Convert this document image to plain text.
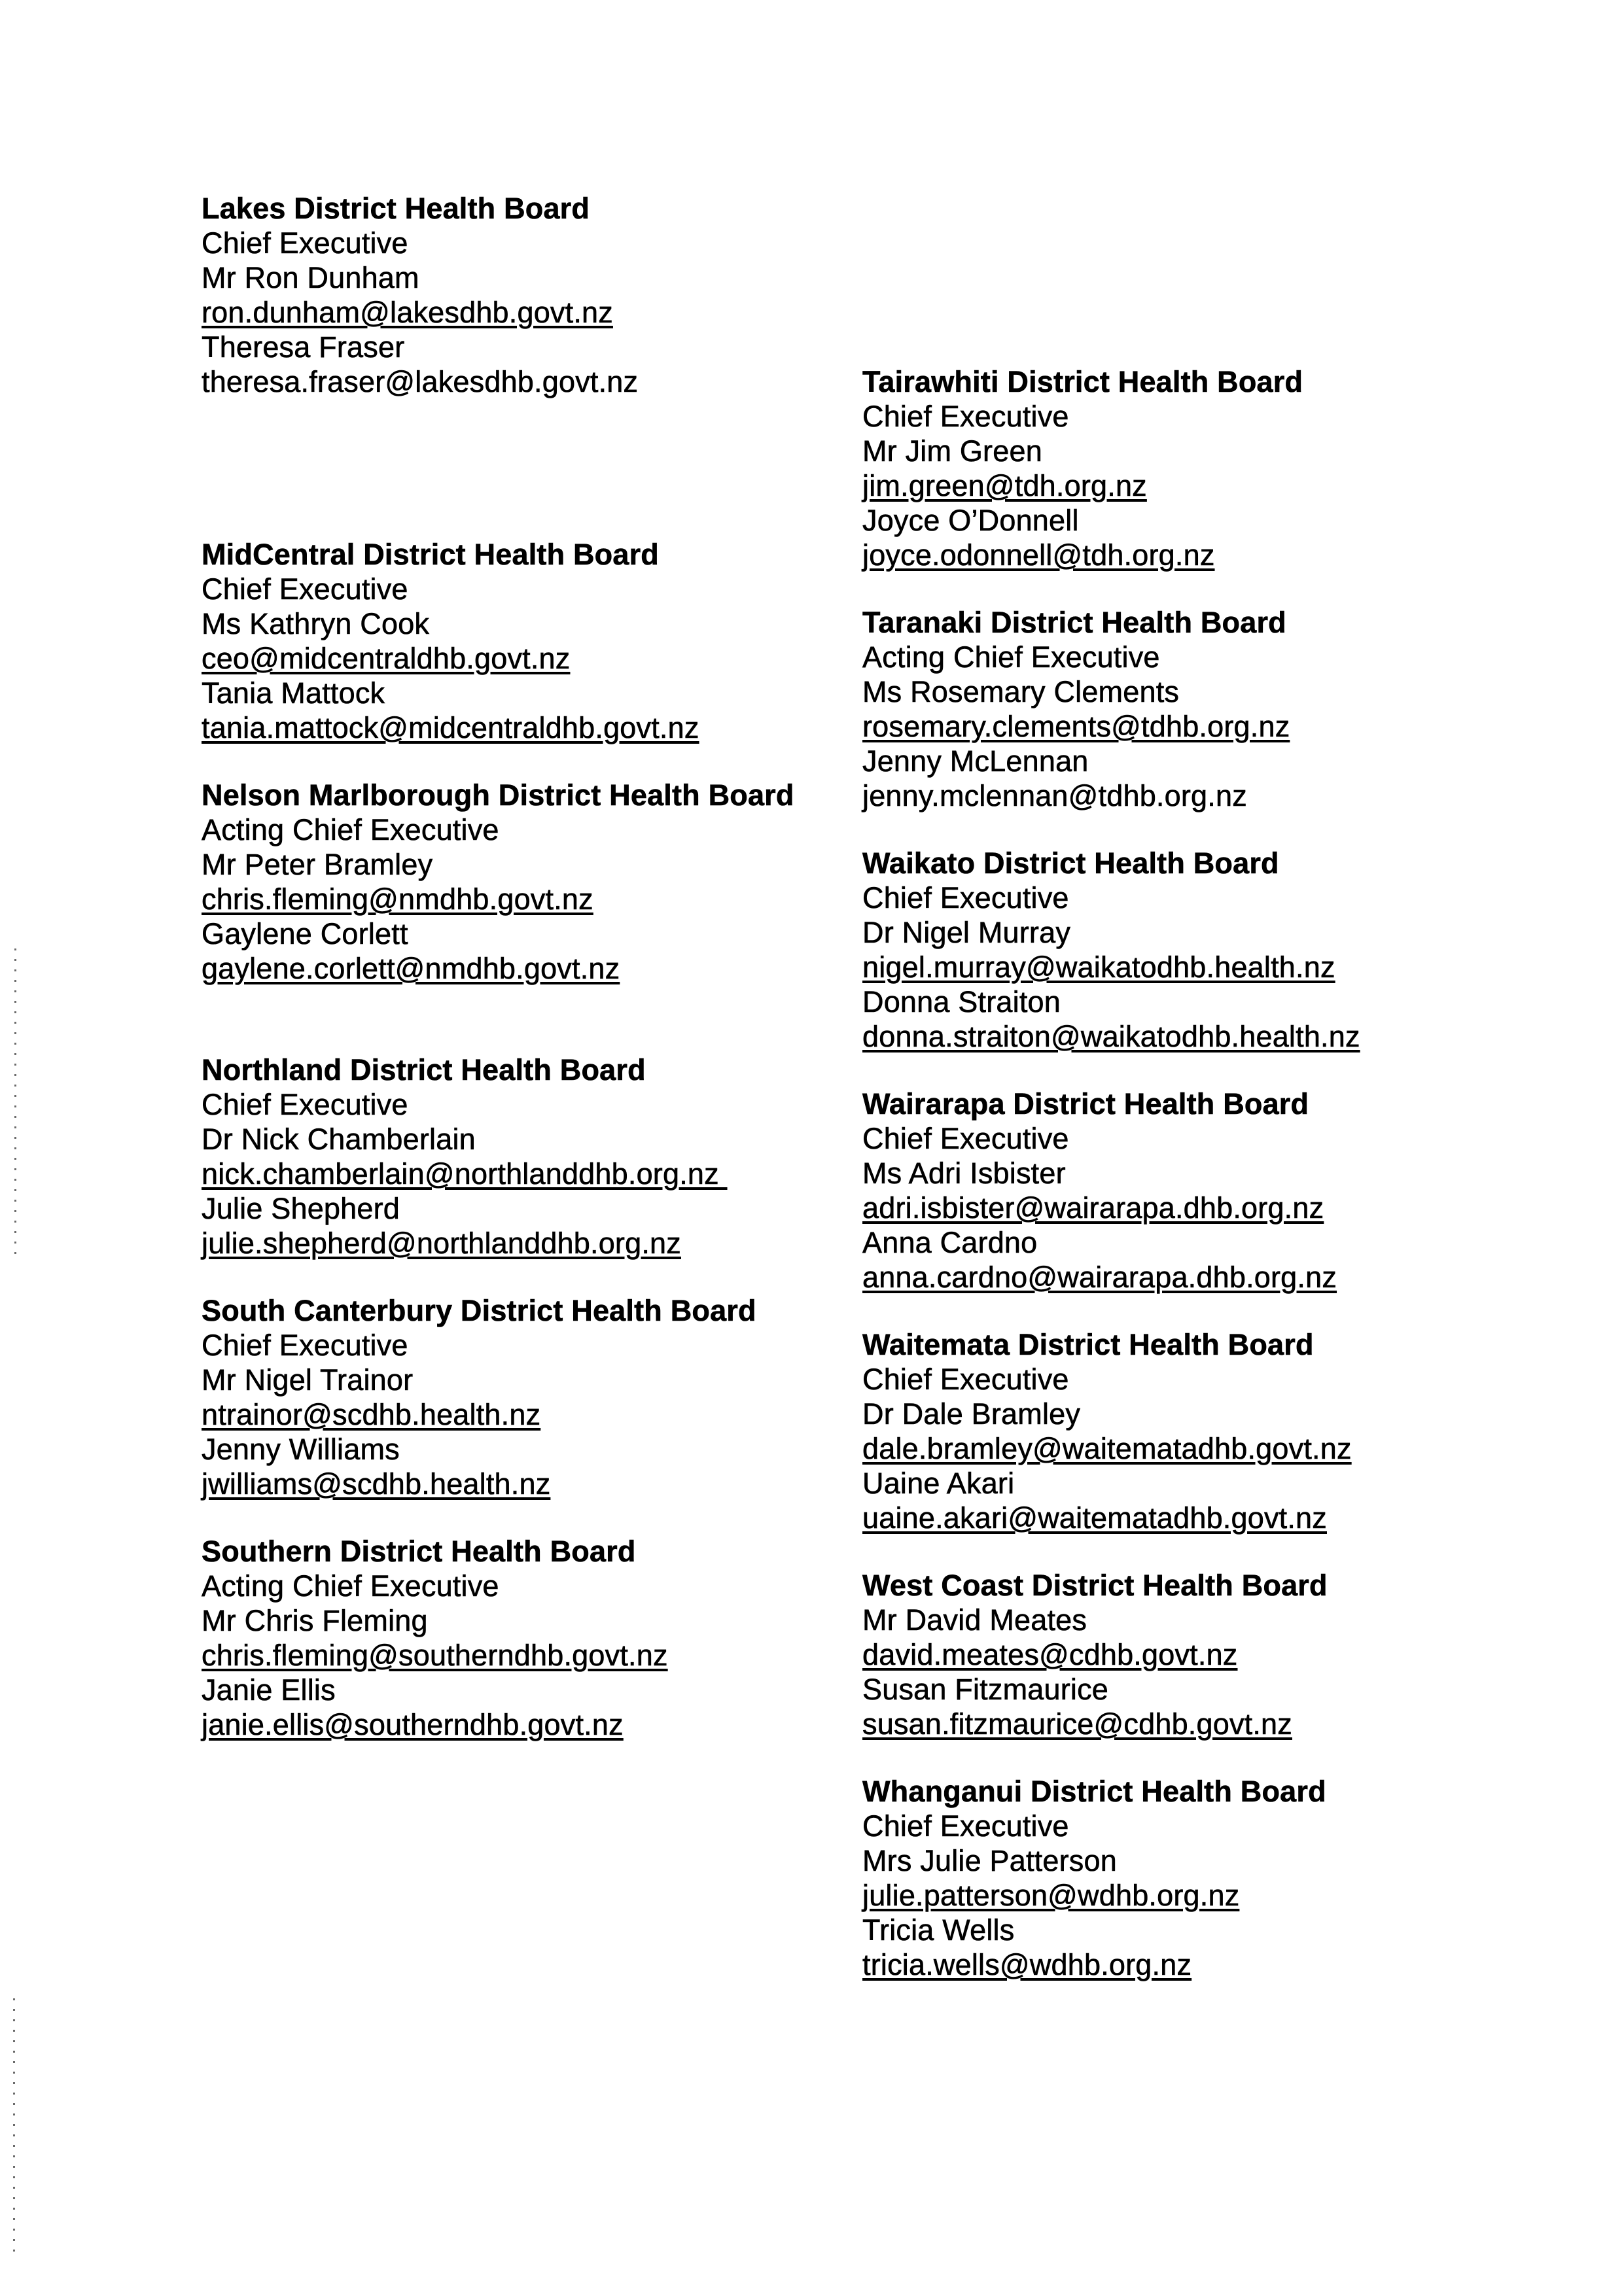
Lakes District Health Board
Chief Executive
Mr Ron Dunham
ron.dunham@lakesdhb.govt.nz
Theresa Fraser
theresa.fraser@lakesdhb.govt.nz
MidCentral District Health Board
Chief Executive
Ms Kathryn Cook
ceo@midcentraldhb.govt.nz
Tania Mattock
tania.mattock@midcentraldhb.govt.nz
Nelson Marlborough District Health Board
Acting Chief Executive
Mr Peter Bramley
chris.fleming@nmdhb.govt.nz
Gaylene Corlett
gaylene.corlett@nmdhb.govt.nz
Northland District Health Board
Chief Executive
Dr Nick Chamberlain
nick.chamberlain@northlanddhb.org.nz
Julie Shepherd
julie.shepherd@northlanddhb.org.nz
South Canterbury District Health Board
Chief Executive
Mr Nigel Trainor
ntrainor@scdhb.health.nz
Jenny Williams
jwilliams@scdhb.health.nz
Southern District Health Board
Acting Chief Executive
Mr Chris Fleming
chris.fleming@southerndhb.govt.nz
Janie Ellis
janie.ellis@southerndhb.govt.nz
Tairawhiti District Health Board
Chief Executive
Mr Jim Green
jim.green@tdh.org.nz
Joyce O’Donnell
joyce.odonnell@tdh.org.nz
Taranaki District Health Board
Acting Chief Executive
Ms Rosemary Clements
rosemary.clements@tdhb.org.nz
Jenny McLennan
jenny.mclennan@tdhb.org.nz
Waikato District Health Board
Chief Executive
Dr Nigel Murray
nigel.murray@waikatodhb.health.nz
Donna Straiton
donna.straiton@waikatodhb.health.nz
Wairarapa District Health Board
Chief Executive
Ms Adri Isbister
adri.isbister@wairarapa.dhb.org.nz
Anna Cardno
anna.cardno@wairarapa.dhb.org.nz
Waitemata District Health Board
Chief Executive
Dr Dale Bramley
dale.bramley@waitematadhb.govt.nz
Uaine Akari
uaine.akari@waitematadhb.govt.nz
West Coast District Health Board
Mr David Meates
david.meates@cdhb.govt.nz
Susan Fitzmaurice
susan.fitzmaurice@cdhb.govt.nz
Whanganui District Health Board
Chief Executive
Mrs Julie Patterson
julie.patterson@wdhb.org.nz
Tricia Wells
tricia.wells@wdhb.org.nz
